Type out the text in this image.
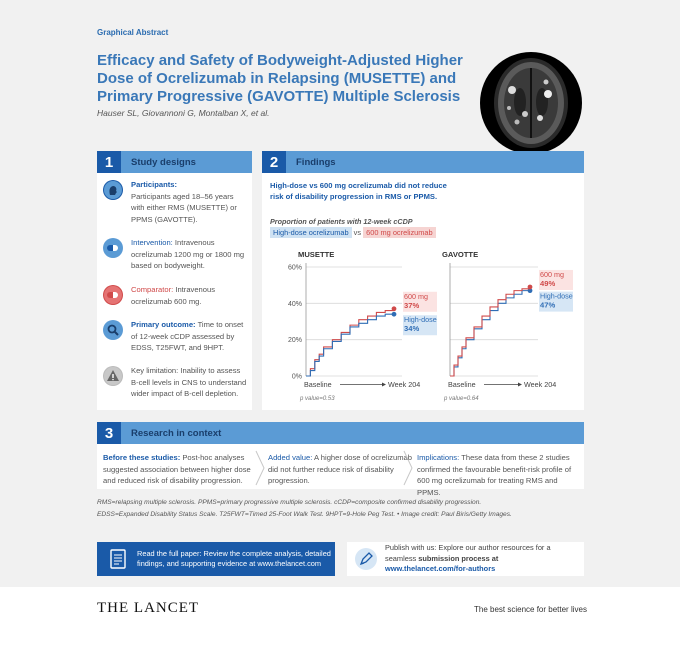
Graphical Abstract
Efficacy and Safety of Bodyweight-Adjusted Higher Dose of Ocrelizumab in Relapsing (MUSETTE) and Primary Progressive (GAVOTTE) Multiple Sclerosis
Hauser SL, Giovannoni G, Montalban X, et al.
1	Study designs
Participants:
Participants aged 18–56 years with either RMS (MUSETTE) or PPMS (GAVOTTE).
Intervention: Intravenous ocrelizumab 1200 mg or 1800 mg based on bodyweight.
Comparator: Intravenous ocrelizumab 600 mg.
Primary outcome: Time to onset of 12-week cCDP assessed by EDSS, T25FWT, and 9HPT.
Key limitation: Inability to assess B-cell levels in CNS to understand wider impact of B-cell depletion.
2	Findings
High-dose vs 600 mg ocrelizumab did not reduce risk of disability progression in RMS or PPMS.
Proportion of patients with 12-week cCDP
High-dose ocrelizumab vs 600 mg ocrelizumab
MUSETTE
0%
20%
40%
60%
600 mg
37%
High-dose
34%
Baseline	Week 204
p value=0.53
GAVOTTE
600 mg
49%
High-dose
47%
Baseline	Week 204
p value=0.64
3	Research in context
Before these studies: Post-hoc analyses suggested association between higher dose and reduced risk of disability progression.
Added value: A higher dose of ocrelizumab did not further reduce risk of disability progression.
Implications: These data from these 2 studies confirmed the favourable benefit-risk profile of 600 mg ocrelizumab for treating RMS and PPMS.
RMS=relapsing multiple sclerosis. PPMS=primary progressive multiple sclerosis. cCDP=composite confirmed disability progression.
EDSS=Expanded Disability Status Scale. T25FWT=Timed 25-Foot Walk Test. 9HPT=9-Hole Peg Test. • Image credit: Paul Biris/Getty Images.
Read the full paper: Review the complete analysis, detailed findings, and supporting evidence at www.thelancet.com
Publish with us: Explore our author resources for a seamless submission process at www.thelancet.com/for-authors
THE LANCET	The best science for better lives
